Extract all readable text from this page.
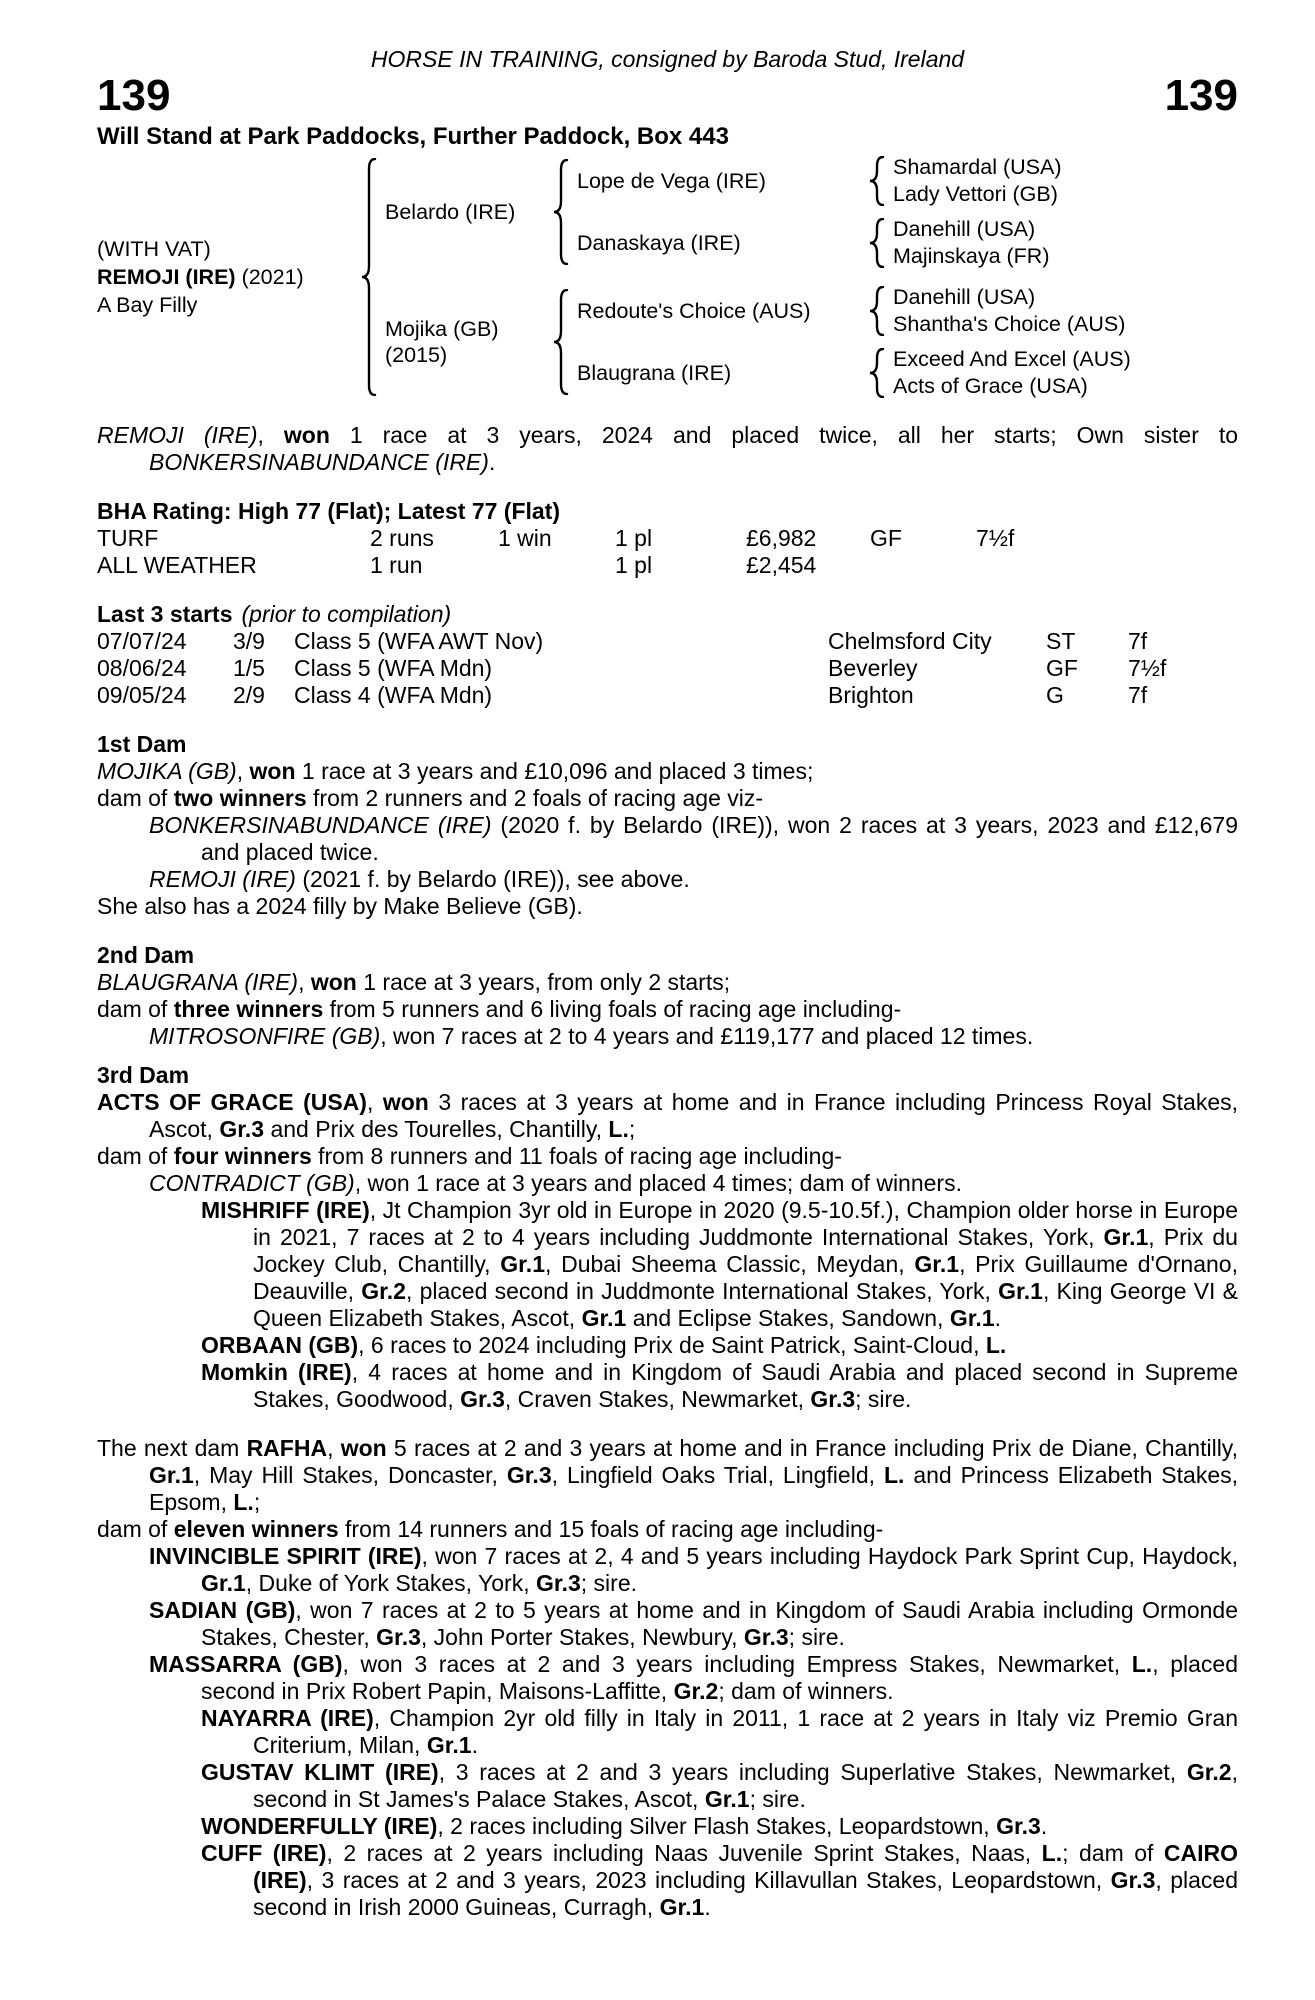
HORSE IN TRAINING, consigned by Baroda Stud, Ireland
139	139
Will Stand at Park Paddocks, Further Paddock, Box 443
(WITH VAT)
REMOJI (IRE) (2021)
A Bay Filly
Belardo (IRE)
Lope de Vega (IRE)
Shamardal (USA)
Lady Vettori (GB)
Danaskaya (IRE)
Danehill (USA)
Majinskaya (FR)
Mojika (GB)
(2015)
Redoute's Choice (AUS)
Danehill (USA)
Shantha's Choice (AUS)
Blaugrana (IRE)
Exceed And Excel (AUS)
Acts of Grace (USA)
REMOJI (IRE), won 1 race at 3 years, 2024 and placed twice, all her starts; Own sister to BONKERSINABUNDANCE (IRE).
BHA Rating: High 77 (Flat); Latest 77 (Flat)
TURF	2 runs	1 win	1 pl	£6,982	GF	7½f
ALL WEATHER	1 run	1 pl	£2,454
Last 3 starts (prior to compilation)
07/07/24	3/9	Class 5 (WFA AWT Nov)	Chelmsford City	ST	7f
08/06/24	1/5	Class 5 (WFA Mdn)	Beverley	GF	7½f
09/05/24	2/9	Class 4 (WFA Mdn)	Brighton	G	7f
1st Dam
MOJIKA (GB), won 1 race at 3 years and £10,096 and placed 3 times;
dam of two winners from 2 runners and 2 foals of racing age viz-
BONKERSINABUNDANCE (IRE) (2020 f. by Belardo (IRE)), won 2 races at 3 years, 2023 and £12,679 and placed twice.
REMOJI (IRE) (2021 f. by Belardo (IRE)), see above.
She also has a 2024 filly by Make Believe (GB).
2nd Dam
BLAUGRANA (IRE), won 1 race at 3 years, from only 2 starts;
dam of three winners from 5 runners and 6 living foals of racing age including-
MITROSONFIRE (GB), won 7 races at 2 to 4 years and £119,177 and placed 12 times.
3rd Dam
ACTS OF GRACE (USA), won 3 races at 3 years at home and in France including Princess Royal Stakes, Ascot, Gr.3 and Prix des Tourelles, Chantilly, L.;
dam of four winners from 8 runners and 11 foals of racing age including-
CONTRADICT (GB), won 1 race at 3 years and placed 4 times; dam of winners.
MISHRIFF (IRE), Jt Champion 3yr old in Europe in 2020 (9.5-10.5f.), Champion older horse in Europe in 2021, 7 races at 2 to 4 years including Juddmonte International Stakes, York, Gr.1, Prix du Jockey Club, Chantilly, Gr.1, Dubai Sheema Classic, Meydan, Gr.1, Prix Guillaume d'Ornano, Deauville, Gr.2, placed second in Juddmonte International Stakes, York, Gr.1, King George VI & Queen Elizabeth Stakes, Ascot, Gr.1 and Eclipse Stakes, Sandown, Gr.1.
ORBAAN (GB), 6 races to 2024 including Prix de Saint Patrick, Saint-Cloud, L.
Momkin (IRE), 4 races at home and in Kingdom of Saudi Arabia and placed second in Supreme Stakes, Goodwood, Gr.3, Craven Stakes, Newmarket, Gr.3; sire.
The next dam RAFHA, won 5 races at 2 and 3 years at home and in France including Prix de Diane, Chantilly, Gr.1, May Hill Stakes, Doncaster, Gr.3, Lingfield Oaks Trial, Lingfield, L. and Princess Elizabeth Stakes, Epsom, L.;
dam of eleven winners from 14 runners and 15 foals of racing age including-
INVINCIBLE SPIRIT (IRE), won 7 races at 2, 4 and 5 years including Haydock Park Sprint Cup, Haydock, Gr.1, Duke of York Stakes, York, Gr.3; sire.
SADIAN (GB), won 7 races at 2 to 5 years at home and in Kingdom of Saudi Arabia including Ormonde Stakes, Chester, Gr.3, John Porter Stakes, Newbury, Gr.3; sire.
MASSARRA (GB), won 3 races at 2 and 3 years including Empress Stakes, Newmarket, L., placed second in Prix Robert Papin, Maisons-Laffitte, Gr.2; dam of winners.
NAYARRA (IRE), Champion 2yr old filly in Italy in 2011, 1 race at 2 years in Italy viz Premio Gran Criterium, Milan, Gr.1.
GUSTAV KLIMT (IRE), 3 races at 2 and 3 years including Superlative Stakes, Newmarket, Gr.2, second in St James's Palace Stakes, Ascot, Gr.1; sire.
WONDERFULLY (IRE), 2 races including Silver Flash Stakes, Leopardstown, Gr.3.
CUFF (IRE), 2 races at 2 years including Naas Juvenile Sprint Stakes, Naas, L.; dam of CAIRO (IRE), 3 races at 2 and 3 years, 2023 including Killavullan Stakes, Leopardstown, Gr.3, placed second in Irish 2000 Guineas, Curragh, Gr.1.
